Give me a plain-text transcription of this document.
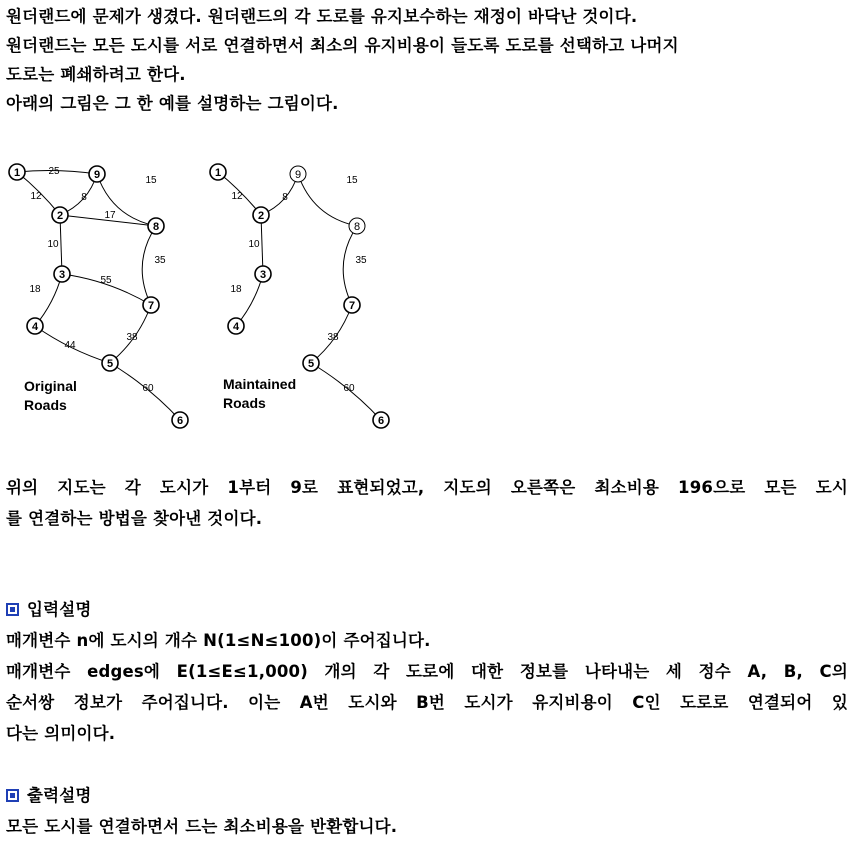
원더랜드에 문제가 생겼다. 원더랜드의 각 도로를 유지보수하는 재정이 바닥난 것이다.
원더랜드는 모든 도시를 서로 연결하면서 최소의 유지비용이 들도록 도로를 선택하고 나머지
도로는 폐쇄하려고 한다.
아래의 그림은 그 한 예를 설명하는 그림이다.
25
12	8
15
17
10
35
55
18
38
44
60
1
2
3
4
5
6
7
8
9
12	8
15
10
35
18
38
60
1
2
3
4
5
6
7
8
9
Original
Roads
Maintained
Roads
위의 지도는 각 도시가 1부터 9로 표현되었고, 지도의 오른쪽은 최소비용 196으로 모든 도시
를 연결하는 방법을 찾아낸 것이다.
입력설명
매개변수 n에 도시의 개수 N(1≤N≤100)이 주어집니다.
매개변수 edges에 E(1≤E≤1,000) 개의 각 도로에 대한 정보를 나타내는 세 정수 A, B, C의
순서쌍 정보가 주어집니다. 이는 A번 도시와 B번 도시가 유지비용이 C인 도로로 연결되어 있
다는 의미이다.
출력설명
모든 도시를 연결하면서 드는 최소비용을 반환합니다.
